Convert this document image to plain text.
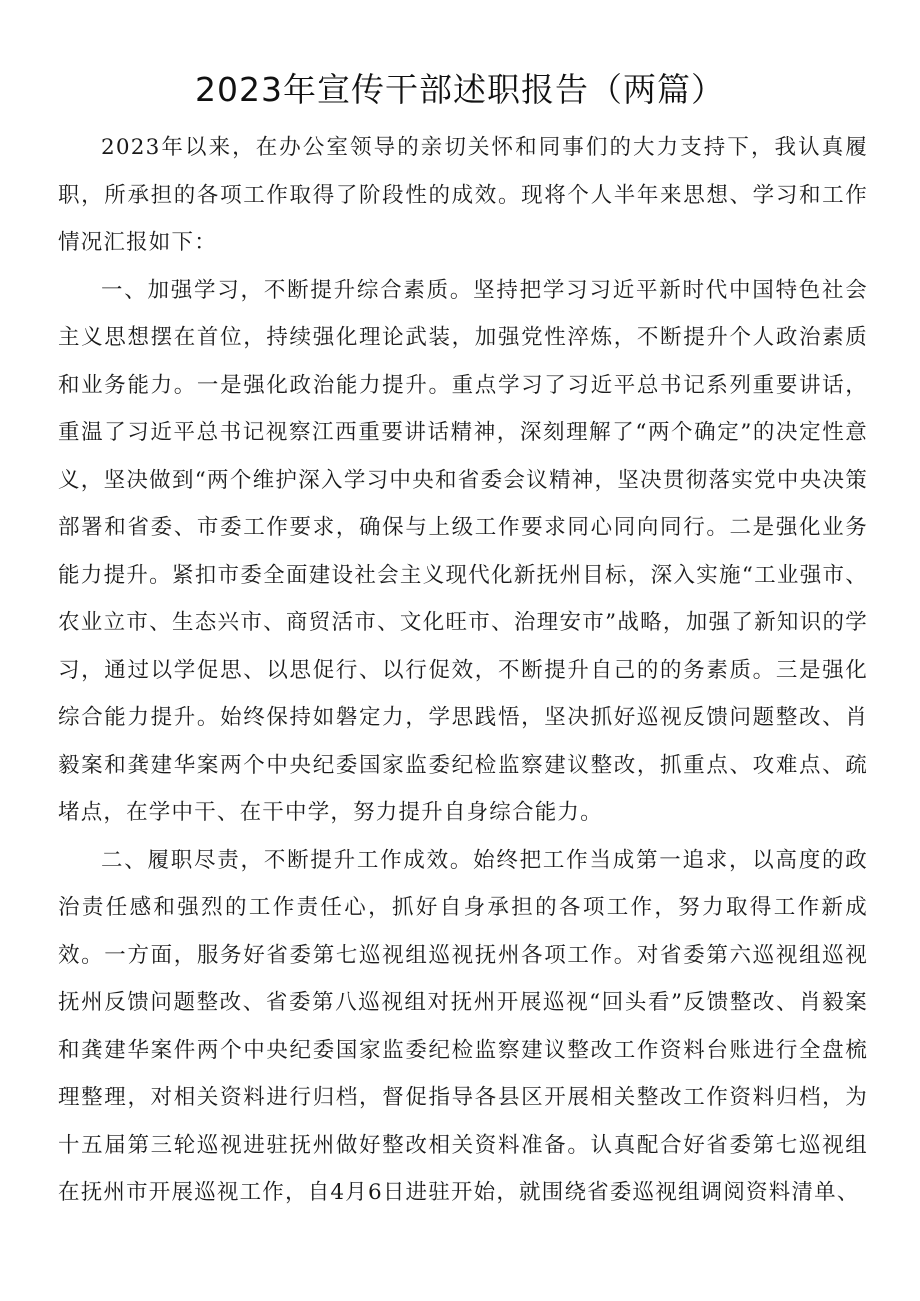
2023年宣传干部述职报告（两篇）

2023年以来，在办公室领导的亲切关怀和同事们的大力支持下，我认真履职，所承担的各项工作取得了阶段性的成效。现将个人半年来思想、学习和工作情况汇报如下：

一、加强学习，不断提升综合素质。坚持把学习习近平新时代中国特色社会主义思想摆在首位，持续强化理论武装，加强党性淬炼，不断提升个人政治素质和业务能力。一是强化政治能力提升。重点学习了习近平总书记系列重要讲话，重温了习近平总书记视察江西重要讲话精神，深刻理解了“两个确定”的决定性意义，坚决做到“两个维护深入学习中央和省委会议精神，坚决贯彻落实党中央决策部署和省委、市委工作要求，确保与上级工作要求同心同向同行。二是强化业务能力提升。紧扣市委全面建设社会主义现代化新抚州目标，深入实施“工业强市、农业立市、生态兴市、商贸活市、文化旺市、治理安市”战略，加强了新知识的学习，通过以学促思、以思促行、以行促效，不断提升自己的的务素质。三是强化综合能力提升。始终保持如磐定力，学思践悟，坚决抓好巡视反馈问题整改、肖毅案和龚建华案两个中央纪委国家监委纪检监察建议整改，抓重点、攻难点、疏堵点，在学中干、在干中学，努力提升自身综合能力。

二、履职尽责，不断提升工作成效。始终把工作当成第一追求，以高度的政治责任感和强烈的工作责任心，抓好自身承担的各项工作，努力取得工作新成效。一方面，服务好省委第七巡视组巡视抚州各项工作。对省委第六巡视组巡视抚州反馈问题整改、省委第八巡视组对抚州开展巡视“回头看”反馈整改、肖毅案和龚建华案件两个中央纪委国家监委纪检监察建议整改工作资料台账进行全盘梳理整理，对相关资料进行归档，督促指导各县区开展相关整改工作资料归档，为十五届第三轮巡视进驻抚州做好整改相关资料准备。认真配合好省委第七巡视组在抚州市开展巡视工作，自4月6日进驻开始，就围绕省委巡视组调阅资料清单、
